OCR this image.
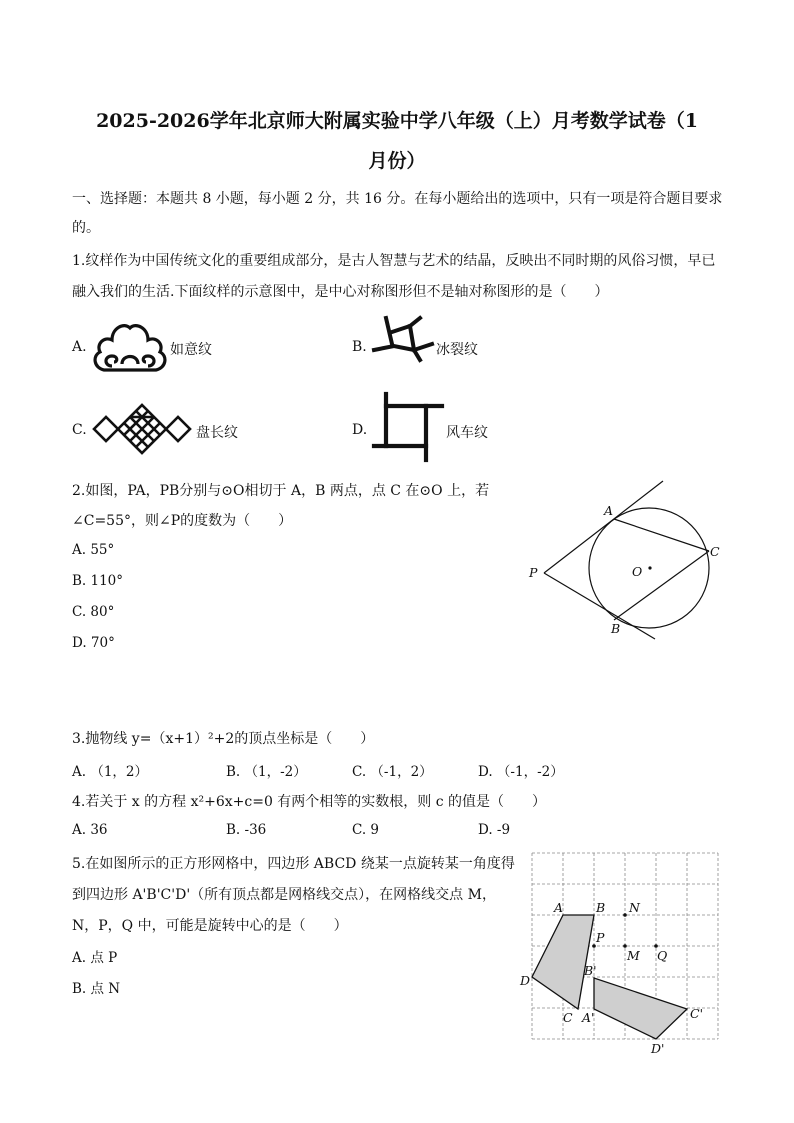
2025-2026学年北京师大附属实验中学八年级（上）月考数学试卷（1
月份）
一、选择题：本题共 8 小题，每小题 2 分，共 16 分。在每小题给出的选项中，只有一项是符合题目要求
的。
1.纹样作为中国传统文化的重要组成部分，是古人智慧与艺术的结晶，反映出不同时期的风俗习惯，早已
融入我们的生活.下面纹样的示意图中，是中心对称图形但不是轴对称图形的是（　　）
A.	如意纹	B.	冰裂纹
C.	盘长纹	D.	风车纹
2.如图，PA，PB分别与⊙O相切于 A，B 两点，点 C 在⊙O 上，若
∠C=55°，则∠P的度数为（　　）
A. 55°
B. 110°
C. 80°
D. 70°
A
B
C
O
P
3.抛物线 y=（x+1）²+2的顶点坐标是（　　）
A. （1，2）	B. （1，-2）	C. （-1，2）	D. （-1，-2）
4.若关于 x 的方程 x²+6x+c=0 有两个相等的实数根，则 c 的值是（　　）
A. 36	B. -36	C. 9	D. -9
5.在如图所示的正方形网格中，四边形 ABCD 绕某一点旋转某一角度得
到四边形 A'B'C'D'（所有顶点都是网格线交点），在网格线交点 M，
N，P，Q 中，可能是旋转中心的是（　　）
A. 点 P
B. 点 N
A	B
C
D
A'
B'
C'
D'
N
P
M Q
